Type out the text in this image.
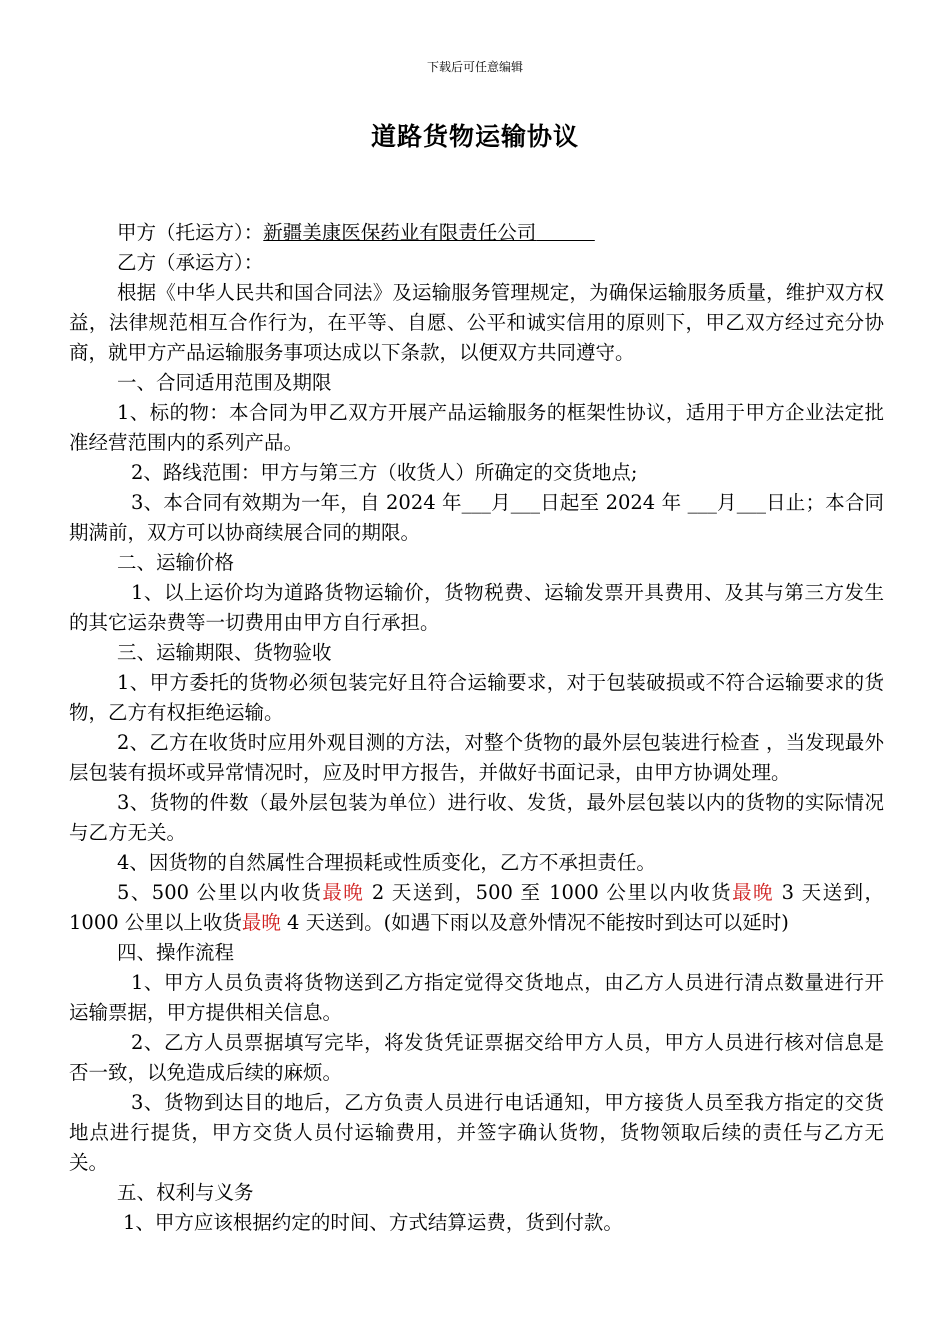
下载后可任意编辑
道路货物运输协议

甲方（托运方）：新疆美康医保药业有限责任公司　　　

乙方（承运方）：

根据《中华人民共和国合同法》及运输服务管理规定，为确保运输服务质量，维护双方权益，法律规范相互合作行为，在平等、自愿、公平和诚实信用的原则下，甲乙双方经过充分协商，就甲方产品运输服务事项达成以下条款，以便双方共同遵守。

一、合同适用范围及期限

1、标的物：本合同为甲乙双方开展产品运输服务的框架性协议，适用于甲方企业法定批准经营范围内的系列产品。

2、路线范围：甲方与第三方（收货人）所确定的交货地点;

3、本合同有效期为一年，自 2024 年___月___日起至 2024 年 ___月___日止；本合同期满前，双方可以协商续展合同的期限。

二、运输价格

1、以上运价均为道路货物运输价，货物税费、运输发票开具费用、及其与第三方发生的其它运杂费等一切费用由甲方自行承担。

三、运输期限、货物验收

1、甲方委托的货物必须包装完好且符合运输要求，对于包装破损或不符合运输要求的货物，乙方有权拒绝运输。

2、乙方在收货时应用外观目测的方法，对整个货物的最外层包装进行检查 ，当发现最外层包装有损坏或异常情况时，应及时甲方报告，并做好书面记录，由甲方协调处理。

3、货物的件数（最外层包装为单位）进行收、发货，最外层包装以内的货物的实际情况与乙方无关。

4、因货物的自然属性合理损耗或性质变化，乙方不承担责任。

5、500 公里以内收货最晚 2 天送到，500 至 1000 公里以内收货最晚 3 天送到，1000 公里以上收货最晚 4 天送到。(如遇下雨以及意外情况不能按时到达可以延时)

四、操作流程

1、甲方人员负责将货物送到乙方指定觉得交货地点，由乙方人员进行清点数量进行开运输票据，甲方提供相关信息。

2、乙方人员票据填写完毕，将发货凭证票据交给甲方人员，甲方人员进行核对信息是否一致，以免造成后续的麻烦。

3、货物到达目的地后，乙方负责人员进行电话通知，甲方接货人员至我方指定的交货地点进行提货，甲方交货人员付运输费用，并签字确认货物，货物领取后续的责任与乙方无关。

五、权利与义务

1、甲方应该根据约定的时间、方式结算运费，货到付款。
